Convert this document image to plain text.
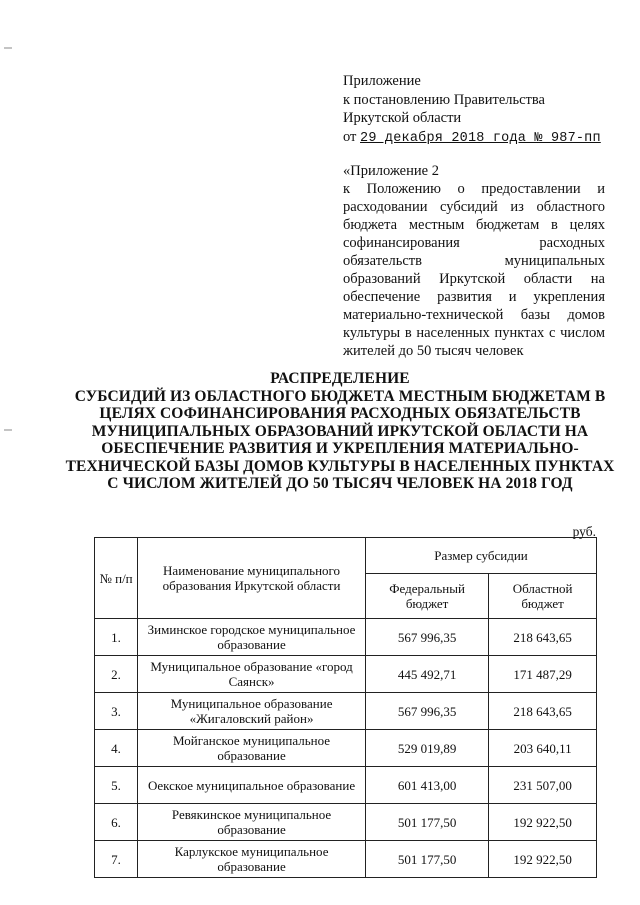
Приложение
к постановлению Правительства
Иркутской области
от 29 декабря 2018 года № 987-пп
«Приложение 2
к Положению о предоставлении и расходовании субсидий из областного бюджета местным бюджетам в целях софинансирования расходных обязательств муниципальных образований Иркутской области на обеспечение развития и укрепления материально-технической базы домов культуры в населенных пунктах с числом жителей до 50 тысяч человек
РАСПРЕДЕЛЕНИЕ
СУБСИДИЙ ИЗ ОБЛАСТНОГО БЮДЖЕТА МЕСТНЫМ БЮДЖЕТАМ В ЦЕЛЯХ СОФИНАНСИРОВАНИЯ РАСХОДНЫХ ОБЯЗАТЕЛЬСТВ МУНИЦИПАЛЬНЫХ ОБРАЗОВАНИЙ ИРКУТСКОЙ ОБЛАСТИ НА ОБЕСПЕЧЕНИЕ РАЗВИТИЯ И УКРЕПЛЕНИЯ МАТЕРИАЛЬНО-ТЕХНИЧЕСКОЙ БАЗЫ ДОМОВ КУЛЬТУРЫ В НАСЕЛЕННЫХ ПУНКТАХ С ЧИСЛОМ ЖИТЕЛЕЙ ДО 50 ТЫСЯЧ ЧЕЛОВЕК НА 2018 ГОД
руб.
№ п/п	Наименование муниципального образования Иркутской области	Размер субсидии	
		Федеральный бюджет	Областной бюджет
1.	Зиминское городское муниципальное образование	567 996,35	218 643,65
2.	Муниципальное образование «город Саянск»	445 492,71	171 487,29
3.	Муниципальное образование «Жигаловский район»	567 996,35	218 643,65
4.	Мойганское муниципальное образование	529 019,89	203 640,11
5.	Оекское муниципальное образование	601 413,00	231 507,00
6.	Ревякинское муниципальное образование	501 177,50	192 922,50
7.	Карлукское муниципальное образование	501 177,50	192 922,50
